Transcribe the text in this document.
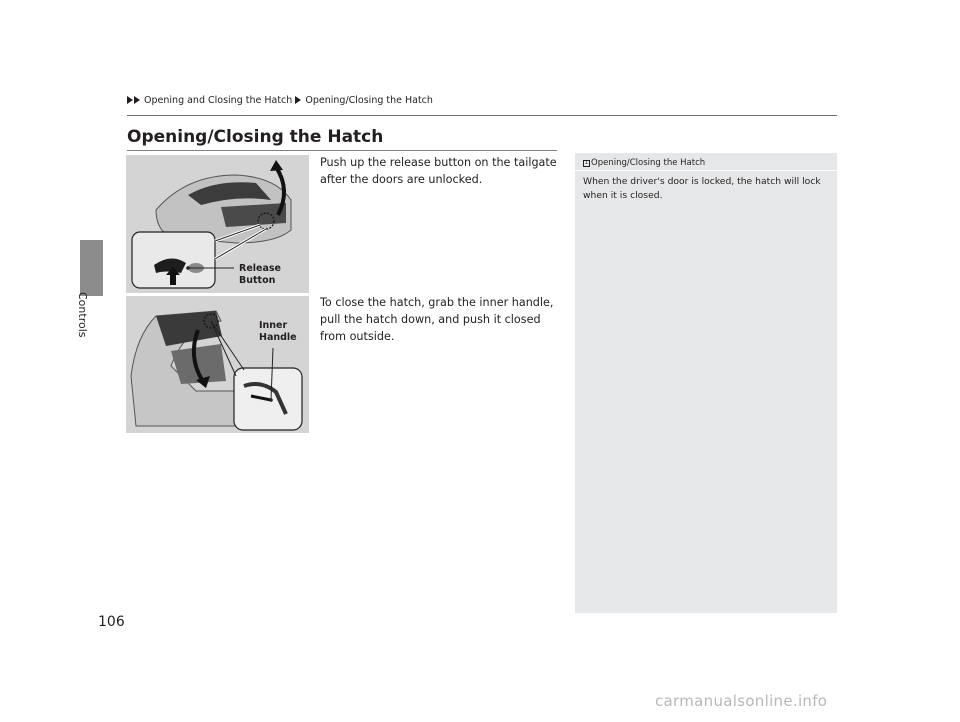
Controls
Opening and Closing the Hatch Opening/Closing the Hatch
Opening/Closing the Hatch
Release
Button
Inner
Handle

Push up the release button on the tailgate after the doors are unlocked.

To close the hatch, grab the inner handle, pull the hatch down, and push it closed from outside.

1 Opening/Closing the Hatch
When the driver's door is locked, the hatch will lock when it is closed.
106
carmanualsonline.info
